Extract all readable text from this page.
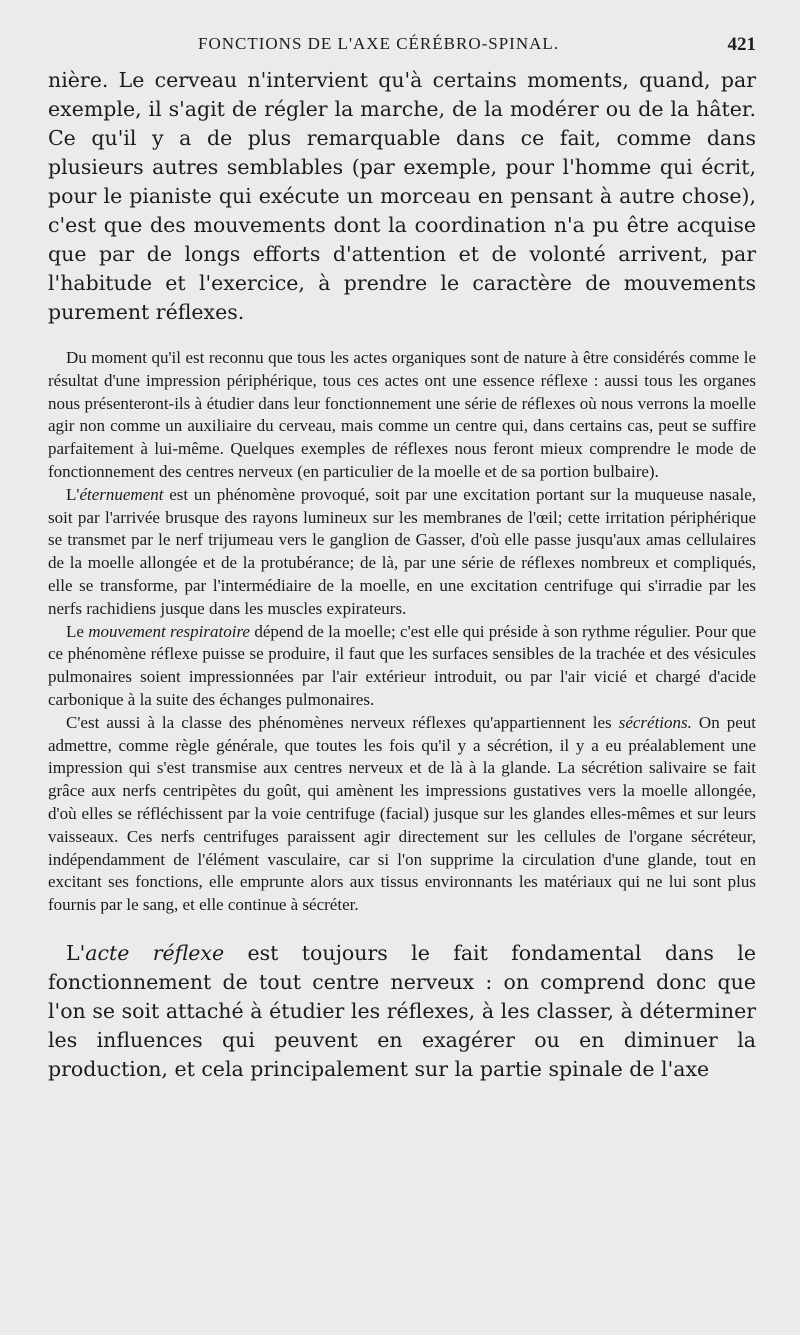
FONCTIONS DE L'AXE CÉRÉBRO-SPINAL.	421

nière. Le cerveau n'intervient qu'à certains moments, quand, par exemple, il s'agit de régler la marche, de la modérer ou de la hâter. Ce qu'il y a de plus remarquable dans ce fait, comme dans plusieurs autres semblables (par exemple, pour l'homme qui écrit, pour le pianiste qui exécute un morceau en pensant à autre chose), c'est que des mouvements dont la coordination n'a pu être acquise que par de longs efforts d'attention et de volonté arrivent, par l'habitude et l'exercice, à prendre le caractère de mouvements purement réflexes.

Du moment qu'il est reconnu que tous les actes organiques sont de nature à être considérés comme le résultat d'une impression périphérique, tous ces actes ont une essence réflexe : aussi tous les organes nous présenteront-ils à étudier dans leur fonctionnement une série de réflexes où nous verrons la moelle agir non comme un auxiliaire du cerveau, mais comme un centre qui, dans certains cas, peut se suffire parfaitement à lui-même. Quelques exemples de réflexes nous feront mieux comprendre le mode de fonctionnement des centres nerveux (en particulier de la moelle et de sa portion bulbaire).

L'éternuement est un phénomène provoqué, soit par une excitation portant sur la muqueuse nasale, soit par l'arrivée brusque des rayons lumineux sur les membranes de l'œil; cette irritation périphérique se transmet par le nerf trijumeau vers le ganglion de Gasser, d'où elle passe jusqu'aux amas cellulaires de la moelle allongée et de la protubérance; de là, par une série de réflexes nombreux et compliqués, elle se transforme, par l'intermédiaire de la moelle, en une excitation centrifuge qui s'irradie par les nerfs rachidiens jusque dans les muscles expirateurs.

Le mouvement respiratoire dépend de la moelle; c'est elle qui préside à son rythme régulier. Pour que ce phénomène réflexe puisse se produire, il faut que les surfaces sensibles de la trachée et des vésicules pulmonaires soient impressionnées par l'air extérieur introduit, ou par l'air vicié et chargé d'acide carbonique à la suite des échanges pulmonaires.

C'est aussi à la classe des phénomènes nerveux réflexes qu'appartiennent les sécrétions. On peut admettre, comme règle générale, que toutes les fois qu'il y a sécrétion, il y a eu préalablement une impression qui s'est transmise aux centres nerveux et de là à la glande. La sécrétion salivaire se fait grâce aux nerfs centripètes du goût, qui amènent les impressions gustatives vers la moelle allongée, d'où elles se réfléchissent par la voie centrifuge (facial) jusque sur les glandes elles-mêmes et sur leurs vaisseaux. Ces nerfs centrifuges paraissent agir directement sur les cellules de l'organe sécréteur, indépendamment de l'élément vasculaire, car si l'on supprime la circulation d'une glande, tout en excitant ses fonctions, elle emprunte alors aux tissus environnants les matériaux qui ne lui sont plus fournis par le sang, et elle continue à sécréter.

L'acte réflexe est toujours le fait fondamental dans le fonctionnement de tout centre nerveux : on comprend donc que l'on se soit attaché à étudier les réflexes, à les classer, à déterminer les influences qui peuvent en exagérer ou en diminuer la production, et cela principalement sur la partie spinale de l'axe
